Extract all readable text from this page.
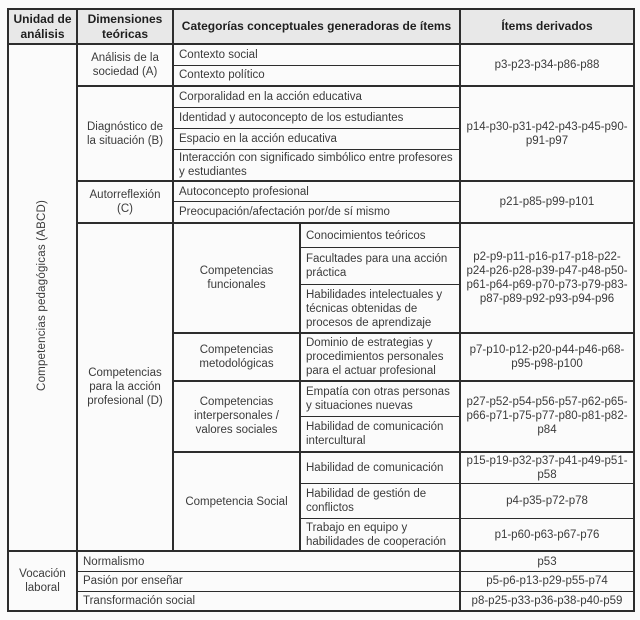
Unidad de análisis	Dimensiones teóricas	Categorías conceptuales generadoras de ítems		Ítems derivados
Competencias pedagógicas (ABCD)	Análisis de la sociedad (A)	Contexto social		p3-p23-p34-p86-p88
		Contexto político		
	Diagnóstico de la situación (B)	Corporalidad en la acción educativa		p14-p30-p31-p42-p43-p45-p90-p91-p97
		Identidad y autoconcepto de los estudiantes		
		Espacio en la acción educativa		
		Interacción con significado simbólico entre profesores y estudiantes		
	Autorreflexión (C)	Autoconcepto profesional		p21-p85-p99-p101
		Preocupación/afectación por/de sí mismo		
	Competencias para la acción profesional (D)	Competencias funcionales	Conocimientos teóricos	p2-p9-p11-p16-p17-p18-p22-p24-p26-p28-p39-p47-p48-p50-p61-p64-p69-p70-p73-p79-p83-p87-p89-p92-p93-p94-p96
			Facultades para una acción práctica	
			Habilidades intelectuales y técnicas obtenidas de procesos de aprendizaje	
		Competencias metodológicas	Dominio de estrategias y procedimientos personales para el actuar profesional	p7-p10-p12-p20-p44-p46-p68-p95-p98-p100
		Competencias interpersonales / valores sociales	Empatía con otras personas y situaciones nuevas	p27-p52-p54-p56-p57-p62-p65-p66-p71-p75-p77-p80-p81-p82-p84
			Habilidad de comunicación intercultural	
		Competencia Social	Habilidad de comunicación	p15-p19-p32-p37-p41-p49-p51-p58
			Habilidad de gestión de conflictos	p4-p35-p72-p78
			Trabajo en equipo y habilidades de cooperación	p1-p60-p63-p67-p76
Vocación laboral	Normalismo			p53
	Pasión por enseñar			p5-p6-p13-p29-p55-p74
	Transformación social			p8-p25-p33-p36-p38-p40-p59
